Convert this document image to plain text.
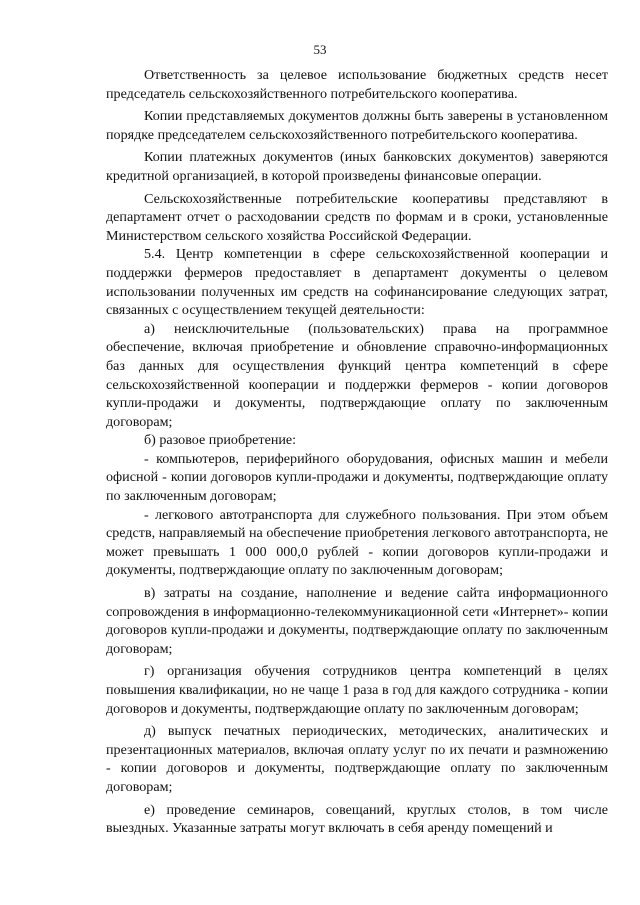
53

Ответственность за целевое использование бюджетных средств несет председатель сельскохозяйственного потребительского кооператива.

Копии представляемых документов должны быть заверены в установленном порядке председателем сельскохозяйственного потребительского кооператива.

Копии платежных документов (иных банковских документов) заверяются кредитной организацией, в которой произведены финансовые операции.

Сельскохозяйственные потребительские кооперативы представляют в департамент отчет о расходовании средств по формам и в сроки, установленные Министерством сельского хозяйства Российской Федерации.

5.4. Центр компетенции в сфере сельскохозяйственной кооперации и поддержки фермеров предоставляет в департамент документы о целевом использовании полученных им средств на софинансирование следующих затрат, связанных с осуществлением текущей деятельности:

а) неисключительные (пользовательских) права на программное обеспечение, включая приобретение и обновление справочно-информационных баз данных для осуществления функций центра компетенций в сфере сельскохозяйственной кооперации и поддержки фермеров - копии договоров купли-продажи и документы, подтверждающие оплату по заключенным договорам;

б) разовое приобретение:

- компьютеров, периферийного оборудования, офисных машин и мебели офисной - копии договоров купли-продажи и документы, подтверждающие оплату по заключенным договорам;

- легкового автотранспорта для служебного пользования. При этом объем средств, направляемый на обеспечение приобретения легкового автотранспорта, не может превышать 1 000 000,0 рублей - копии договоров купли-продажи и документы, подтверждающие оплату по заключенным договорам;

в) затраты на создание, наполнение и ведение сайта информационного сопровождения в информационно-телекоммуникационной сети «Интернет»- копии договоров купли-продажи и документы, подтверждающие оплату по заключенным договорам;

г) организация обучения сотрудников центра компетенций в целях повышения квалификации, но не чаще 1 раза в год для каждого сотрудника - копии договоров и документы, подтверждающие оплату по заключенным договорам;

д) выпуск печатных периодических, методических, аналитических и презентационных материалов, включая оплату услуг по их печати и размножению - копии договоров и документы, подтверждающие оплату по заключенным договорам;

е) проведение семинаров, совещаний, круглых столов, в том числе выездных. Указанные затраты могут включать в себя аренду помещений и
